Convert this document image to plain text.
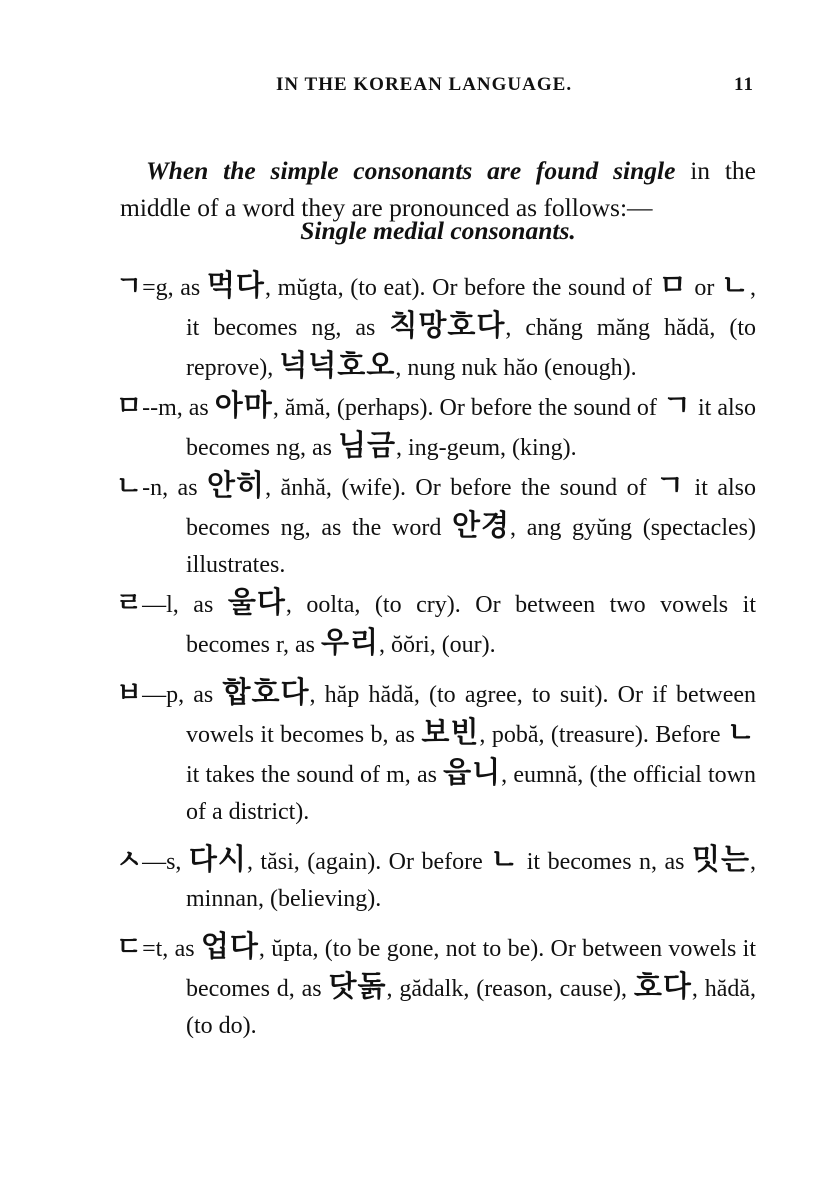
IN THE KOREAN LANGUAGE.	11

When the simple consonants are found single in the middle of a word they are pronounced as follows:—

Single medial consonants.

ㄱ=g, as 먹다, mŭgta, (to eat). Or before the sound of ㅁ or ㄴ, it becomes ng, as 칙망호다, chăng măng hădă, (to reprove), 넉넉호오, nung nuk hăo (enough).

ㅁ--m, as 아마, ămă, (perhaps). Or before the sound of ㄱ it also becomes ng, as 님금, ing-geum, (king).

ㄴ-n, as 안히, ănhă, (wife). Or before the sound of ㄱ it also becomes ng, as the word 안경, ang gyŭng (spectacles) illustrates.

ㄹ—l, as 울다, oolta, (to cry). Or between two vowels it becomes r, as 우리, ŏŏri, (our).

ㅂ—p, as 합호다, hăp hădă, (to agree, to suit). Or if between vowels it becomes b, as 보빈, pobă, (treasure). Before ㄴ it takes the sound of m, as 읍니, eumnă, (the official town of a district).

ㅅ—s, 다시, tăsi, (again). Or before ㄴ it becomes n, as 밋는, minnan, (believing).

ㄷ=t, as 업다, ŭpta, (to be gone, not to be). Or between vowels it becomes d, as 닷돍, gădalk, (reason, cause), 호다, hădă, (to do).
